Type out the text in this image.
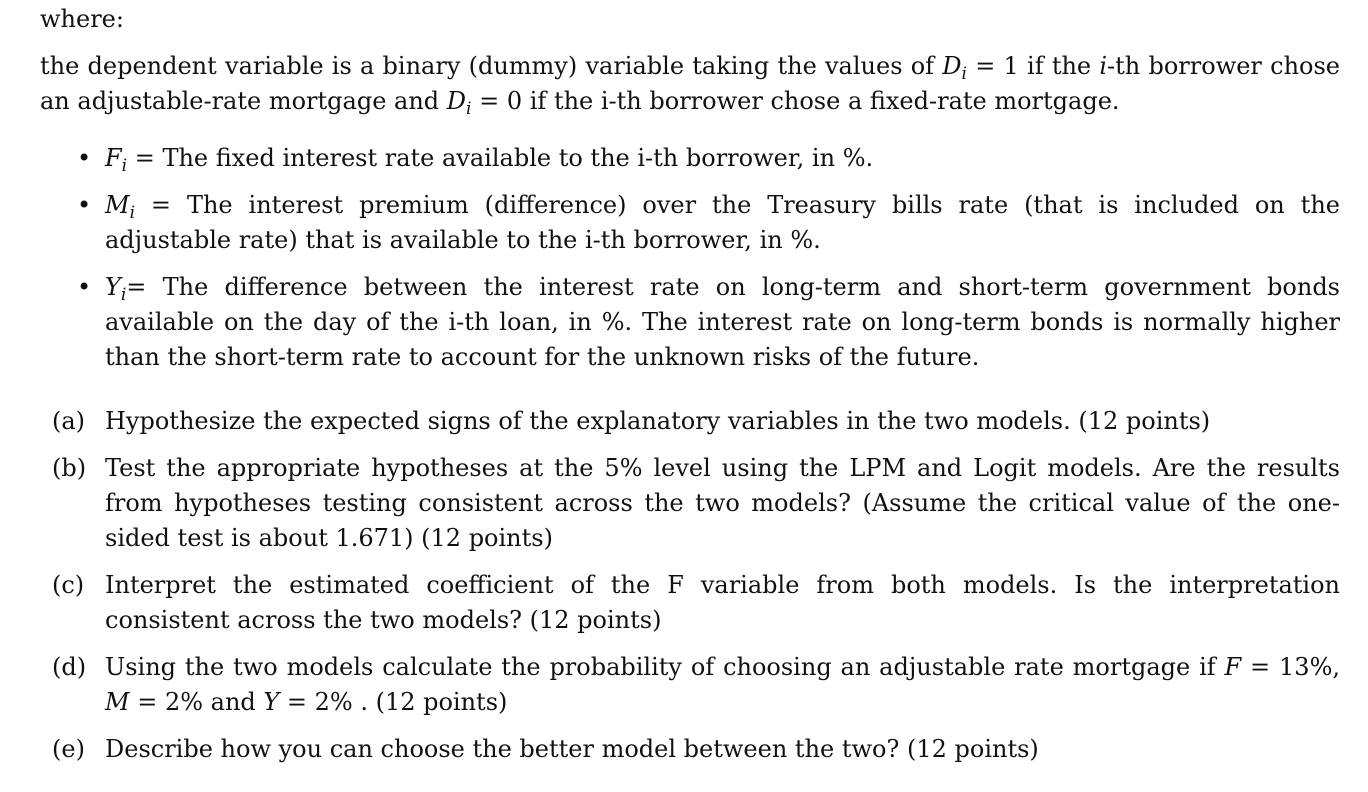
where:

the dependent variable is a binary (dummy) variable taking the values of $D_i = 1$ if the i-th borrower chose an adjustable-rate mortgage and $D_i = 0$ if the i-th borrower chose a fixed-rate mortgage.

• $F_i$ = The fixed interest rate available to the i-th borrower, in %.
• $M_i$ = The interest premium (difference) over the Treasury bills rate (that is included on the adjustable rate) that is available to the i-th borrower, in %.
• $Y_i=$ The difference between the interest rate on long-term and short-term government bonds available on the day of the i-th loan, in %. The interest rate on long-term bonds is normally higher than the short-term rate to account for the unknown risks of the future.
(a) Hypothesize the expected signs of the explanatory variables in the two models. (12 points)
(b) Test the appropriate hypotheses at the 5% level using the LPM and Logit models. Are the results from hypotheses testing consistent across the two models? (Assume the critical value of the one-sided test is about 1.671) (12 points)
(c) Interpret the estimated coefficient of the F variable from both models. Is the interpretation consistent across the two models? (12 points)
(d) Using the two models calculate the probability of choosing an adjustable rate mortgage if F = 13%, M = 2% and Y = 2% . (12 points)
(e) Describe how you can choose the better model between the two? (12 points)
